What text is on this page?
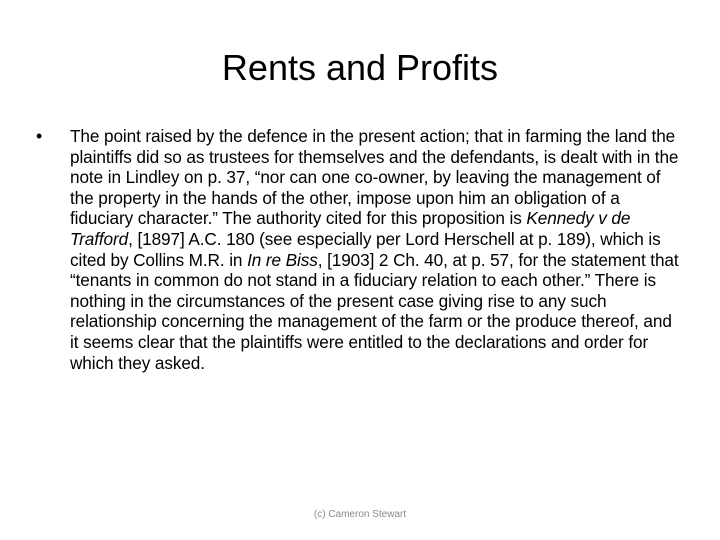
Rents and Profits
• The point raised by the defence in the present action; that in farming the land the plaintiffs did so as trustees for themselves and the defendants, is dealt with in the note in Lindley on p. 37, “nor can one co-owner, by leaving the management of the property in the hands of the other, impose upon him an obligation of a fiduciary character.” The authority cited for this proposition is Kennedy v de Trafford, [1897] A.C. 180 (see especially per Lord Herschell at p. 189), which is cited by Collins M.R. in In re Biss, [1903] 2 Ch. 40, at p. 57, for the statement that “tenants in common do not stand in a fiduciary relation to each other.” There is nothing in the circumstances of the present case giving rise to any such relationship concerning the management of the farm or the produce thereof, and it seems clear that the plaintiffs were entitled to the declarations and order for which they asked.

(c) Cameron Stewart
